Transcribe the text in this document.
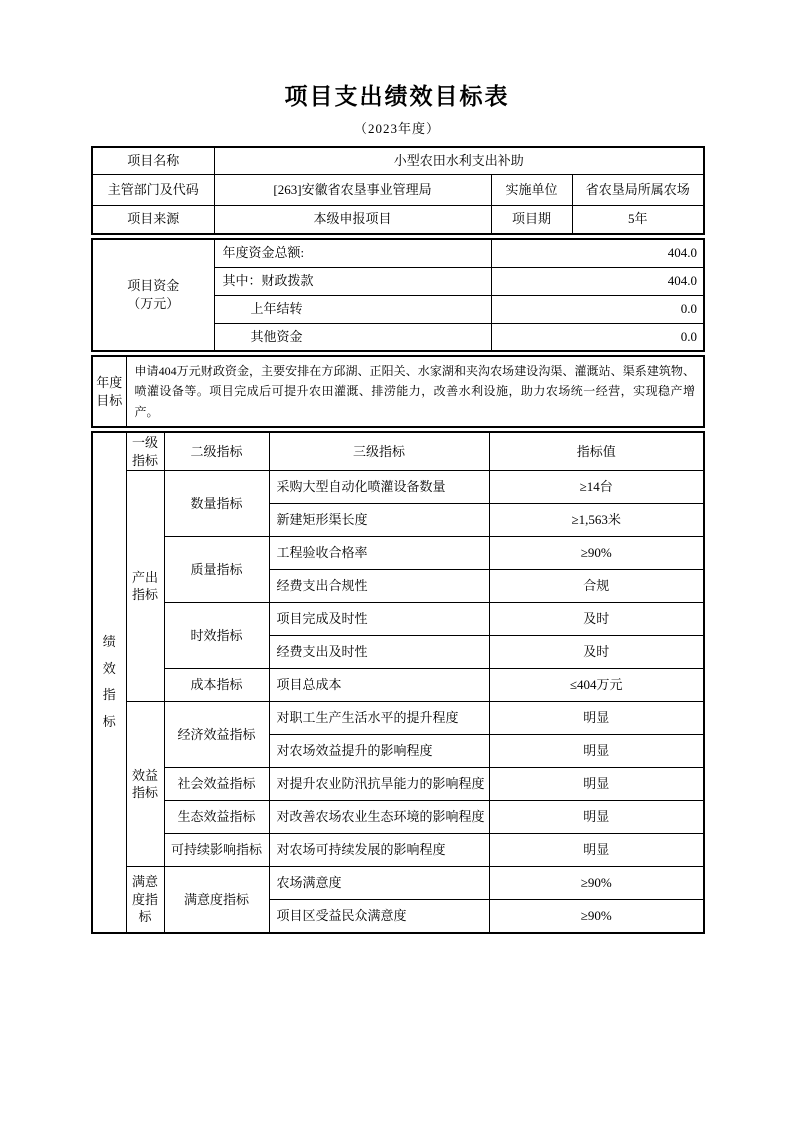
项目支出绩效目标表
（2023年度）
项目名称	小型农田水利支出补助		
主管部门及代码	[263]安徽省农垦事业管理局	实施单位	省农垦局所属农场
项目来源	本级申报项目	项目期	5年
项目资金
（万元）	年度资金总额:	404.0
	其中：财政拨款	404.0
	上年结转	0.0
	其他资金	0.0
年度目标	申请404万元财政资金，主要安排在方邱湖、正阳关、水家湖和夹沟农场建设沟渠、灌溉站、渠系建筑物、喷灌设备等。项目完成后可提升农田灌溉、排涝能力，改善水利设施，助力农场统一经营，实现稳产增产。
绩效指标	一级指标	二级指标	三级指标	指标值
	产出指标	数量指标	采购大型自动化喷灌设备数量	≥14台
			新建矩形渠长度	≥1,563米
		质量指标	工程验收合格率	≥90%
			经费支出合规性	合规
		时效指标	项目完成及时性	及时
			经费支出及时性	及时
		成本指标	项目总成本	≤404万元
	效益指标	经济效益指标	对职工生产生活水平的提升程度	明显
			对农场效益提升的影响程度	明显
		社会效益指标	对提升农业防汛抗旱能力的影响程度	明显
		生态效益指标	对改善农场农业生态环境的影响程度	明显
		可持续影响指标	对农场可持续发展的影响程度	明显
	满意度指标	满意度指标	农场满意度	≥90%
			项目区受益民众满意度	≥90%
